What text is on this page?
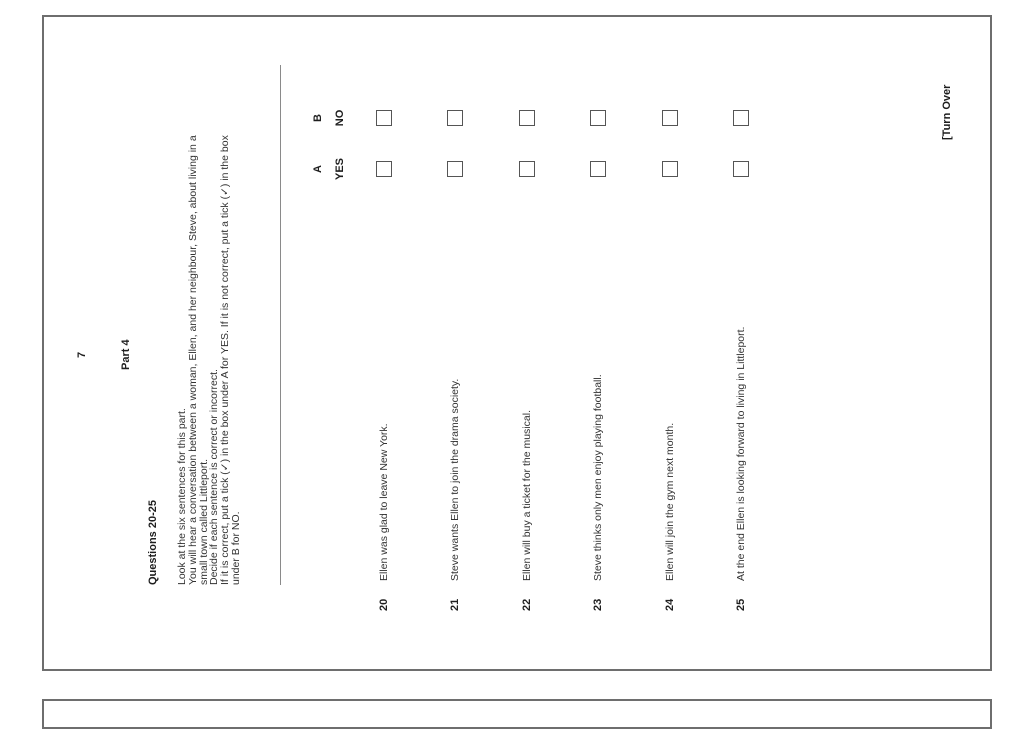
7	Part 4
Questions 20-25 Look at the six sentences for this part.
You will hear a conversation between a woman, Ellen, and her neighbour, Steve, about living in a
small town called Littleport.
Decide if each sentence is correct or incorrect.
If it is correct, put a tick (✓) in the box under A for YES. If it is not correct, put a tick (✓) in the box
under B for NO.
A YES
B NO
20
Ellen was glad to leave New York.
21
Steve wants Ellen to join the drama society.
22
Ellen will buy a ticket for the musical.
23
Steve thinks only men enjoy playing football.
24
Ellen will join the gym next month.
25
At the end Ellen is looking forward to living in Littleport.
[Turn Over
